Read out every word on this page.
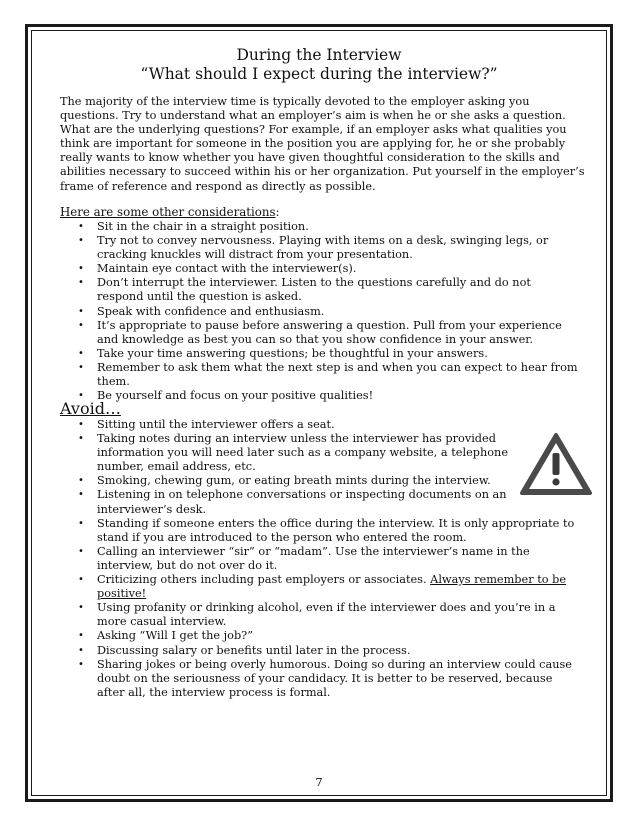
During the Interview
“What should I expect during the interview?”

The majority of the interview time is typically devoted to the employer asking you questions. Try to understand what an employer’s aim is when he or she asks a question. What are the underlying questions? For example, if an employer asks what qualities you think are important for someone in the position you are applying for, he or she probably really wants to know whether you have given thoughtful consideration to the skills and abilities necessary to succeed within his or her organization. Put yourself in the employer’s frame of reference and respond as directly as possible.

Here are some other considerations:
• Sit in the chair in a straight position.
• Try not to convey nervousness. Playing with items on a desk, swinging legs, or cracking knuckles will distract from your presentation.
• Maintain eye contact with the interviewer(s).
• Don’t interrupt the interviewer. Listen to the questions carefully and do not respond until the question is asked.
• Speak with confidence and enthusiasm.
• It’s appropriate to pause before answering a question. Pull from your experience and knowledge as best you can so that you show confidence in your answer.
• Take your time answering questions; be thoughtful in your answers.
• Remember to ask them what the next step is and when you can expect to hear from them.
• Be yourself and focus on your positive qualities!
Avoid…
• Sitting until the interviewer offers a seat.
• Taking notes during an interview unless the interviewer has provided information you will need later such as a company website, a telephone number, email address, etc.
• Smoking, chewing gum, or eating breath mints during the interview.
• Listening in on telephone conversations or inspecting documents on an interviewer’s desk.
• Standing if someone enters the office during the interview. It is only appropriate to stand if you are introduced to the person who entered the room.
• Calling an interviewer “sir” or “madam”. Use the interviewer’s name in the interview, but do not over do it.
• Criticizing others including past employers or associates. Always remember to be positive!
• Using profanity or drinking alcohol, even if the interviewer does and you’re in a more casual interview.
• Asking “Will I get the job?”
• Discussing salary or benefits until later in the process.
• Sharing jokes or being overly humorous. Doing so during an interview could cause doubt on the seriousness of your candidacy. It is better to be reserved, because after all, the interview process is formal.
7
